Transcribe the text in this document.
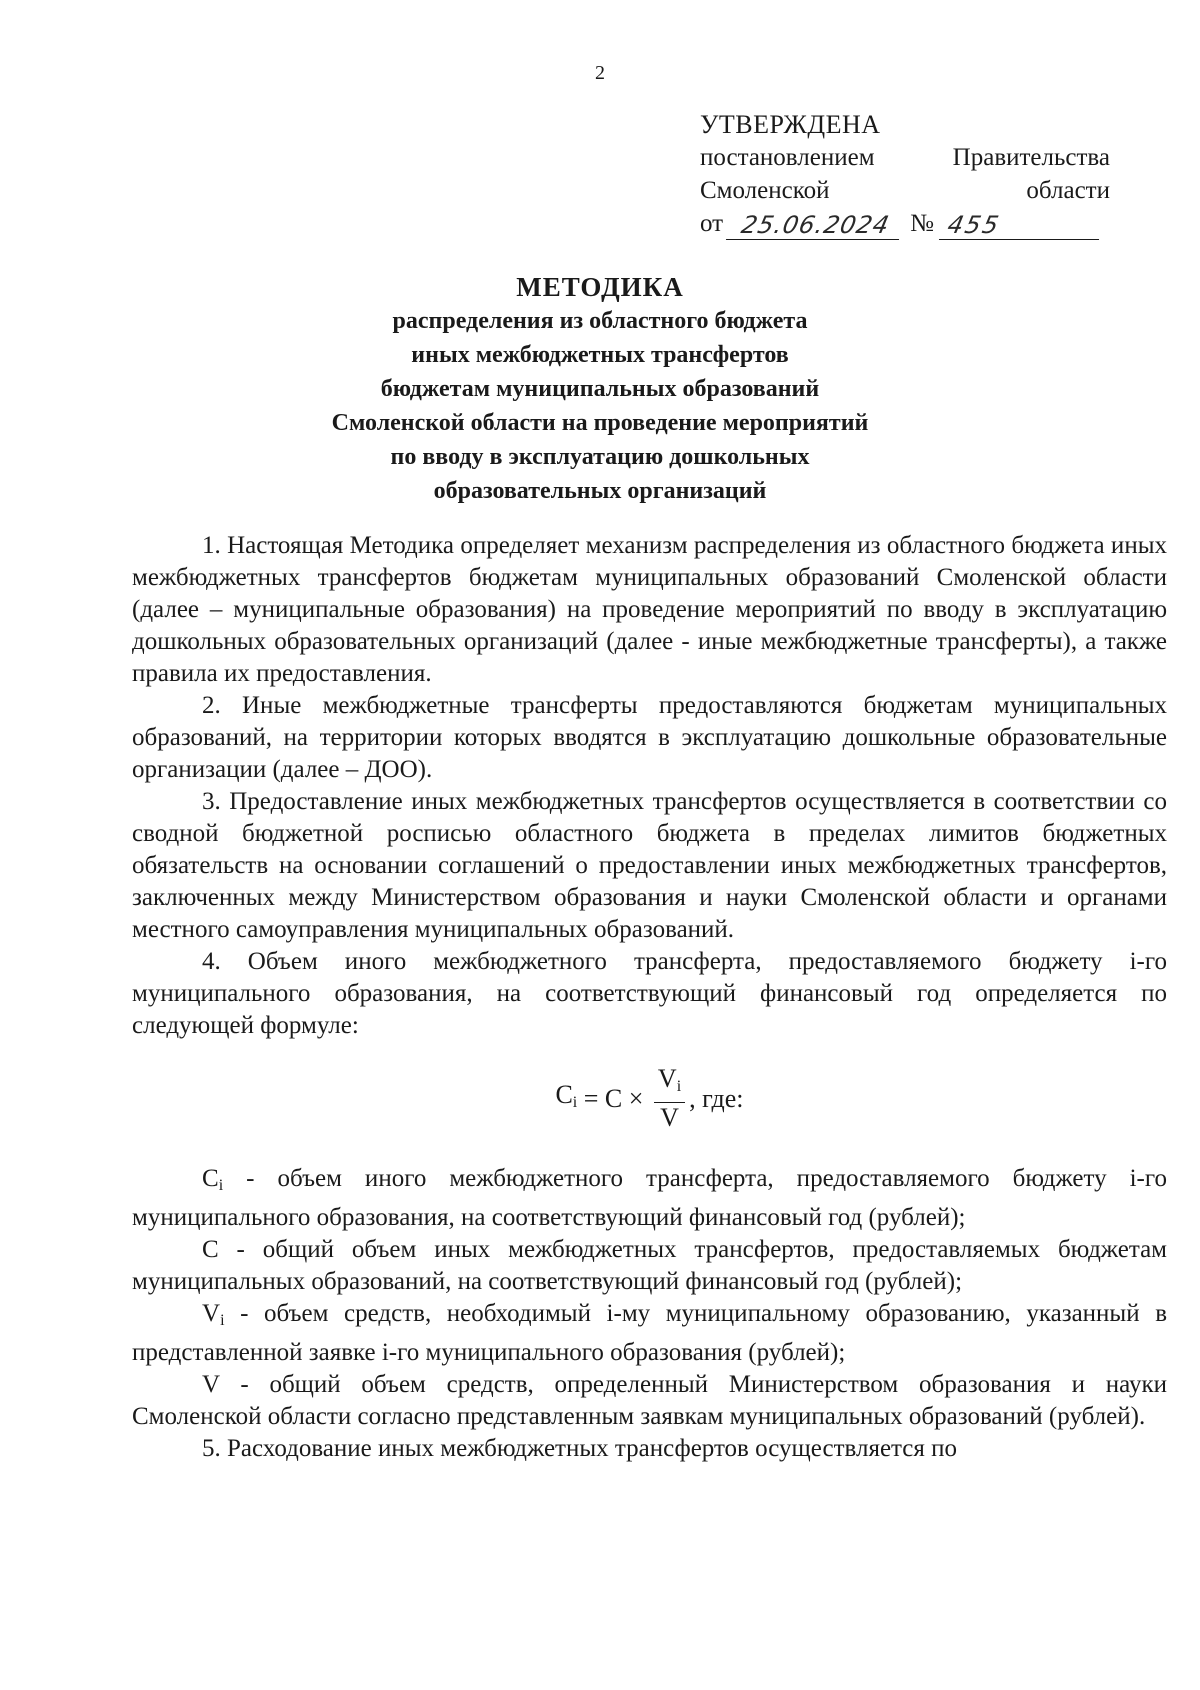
2
УТВЕРЖДЕНА
постановлением	Правительства
Смоленской	области
от 25.06.2024 № 455
МЕТОДИКА
распределения из областного бюджета
иных межбюджетных трансфертов
бюджетам муниципальных образований
Смоленской области на проведение мероприятий
по вводу в эксплуатацию дошкольных
образовательных организаций

1. Настоящая Методика определяет механизм распределения из областного бюджета иных межбюджетных трансфертов бюджетам муниципальных образований Смоленской области (далее – муниципальные образования) на проведение мероприятий по вводу в эксплуатацию дошкольных образовательных организаций (далее - иные межбюджетные трансферты), а также правила их предоставления.

2. Иные межбюджетные трансферты предоставляются бюджетам муниципальных образований, на территории которых вводятся в эксплуатацию дошкольные образовательные организации (далее – ДОО).

3. Предоставление иных межбюджетных трансфертов осуществляется в соответствии со сводной бюджетной росписью областного бюджета в пределах лимитов бюджетных обязательств на основании соглашений о предоставлении иных межбюджетных трансфертов, заключенных между Министерством образования и науки Смоленской области и органами местного самоуправления муниципальных образований.

4. Объем иного межбюджетного трансферта, предоставляемого бюджету i-го муниципального образования, на соответствующий финансовый год определяется по следующей формуле:

$C_i = C \times \frac{V_i}{V}$ , где:

$C_i$ - объем иного межбюджетного трансферта, предоставляемого бюджету i-го муниципального образования, на соответствующий финансовый год (рублей);

C - общий объем иных межбюджетных трансфертов, предоставляемых бюджетам муниципальных образований, на соответствующий финансовый год (рублей);

$V_i$ - объем средств, необходимый i-му муниципальному образованию, указанный в представленной заявке i-го муниципального образования (рублей);

V - общий объем средств, определенный Министерством образования и науки Смоленской области согласно представленным заявкам муниципальных образований (рублей).

5. Расходование иных межбюджетных трансфертов осуществляется по
